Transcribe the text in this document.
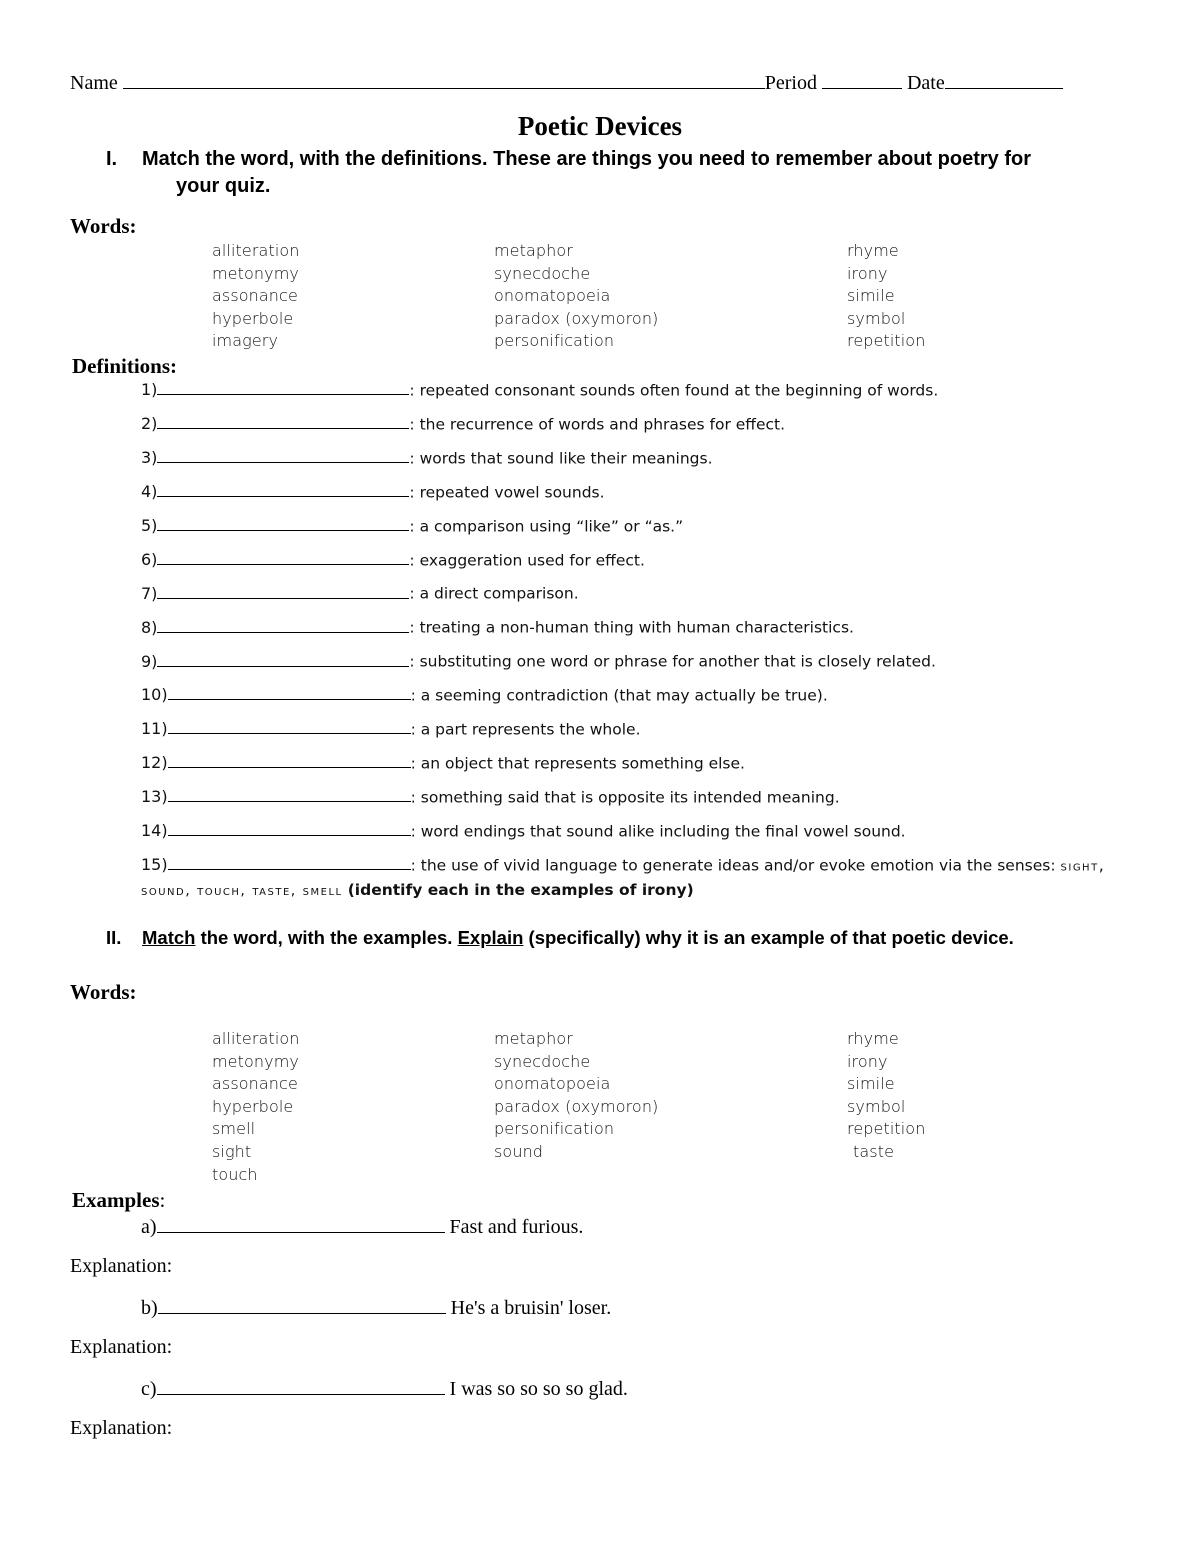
Name	Period	Date
Poetic Devices
I. Match the word, with the definitions. These are things you need to remember about poetry for
your quiz.
Words:
alliteration	metaphor	rhyme
metonymy	synecdoche	irony
assonance	onomatopoeia	simile
hyperbole	paradox (oxymoron)	symbol
imagery	personification	repetition
Definitions:
1)	: repeated consonant sounds often found at the beginning of words.
2)	: the recurrence of words and phrases for effect.
3)	: words that sound like their meanings.
4)	: repeated vowel sounds.
5)	: a comparison using “like” or “as.”
6)	: exaggeration used for effect.
7)	: a direct comparison.
8)	: treating a non-human thing with human characteristics.
9)	: substituting one word or phrase for another that is closely related.
10)	: a seeming contradiction (that may actually be true).
11)	: a part represents the whole.
12)	: an object that represents something else.
13)	: something said that is opposite its intended meaning.
14)	: word endings that sound alike including the final vowel sound.
15)	: the use of vivid language to generate ideas and/or evoke emotion via the senses: sight,
sound, touch, taste, smell (identify each in the examples of irony)
II. Match the word, with the examples. Explain (specifically) why it is an example of that poetic device.
Words:
alliteration	metaphor	rhyme
metonymy	synecdoche	irony
assonance	onomatopoeia	simile
hyperbole	paradox (oxymoron)	symbol
smell	personification	repetition
sight	sound	taste
touch
Examples:
a)	Fast and furious.
Explanation:
b)	He's a bruisin' loser.
Explanation:
c)	I was so so so so glad.
Explanation:
